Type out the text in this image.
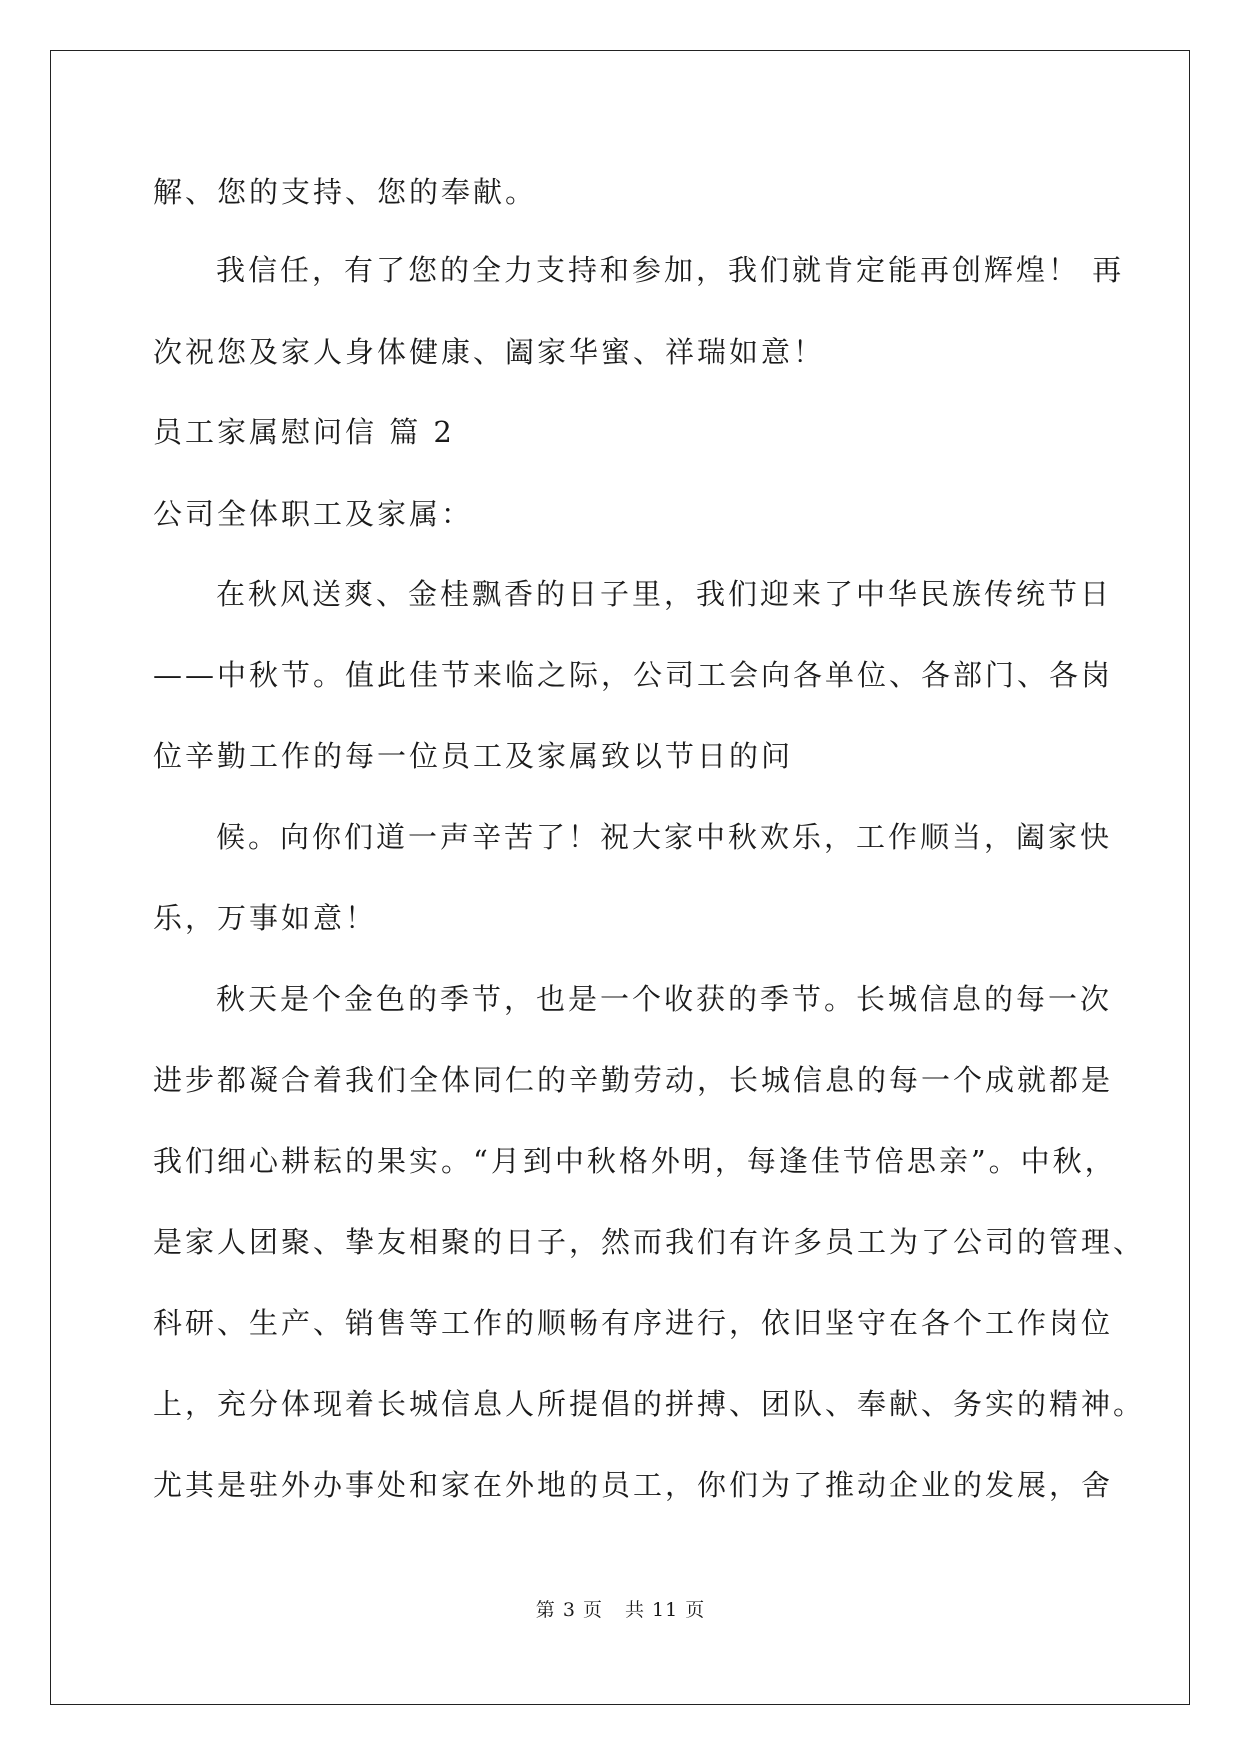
解、您的支持、您的奉献。
我信任，有了您的全力支持和参加，我们就肯定能再创辉煌！ 再
次祝您及家人身体健康、阖家华蜜、祥瑞如意！
员工家属慰问信 篇 2
公司全体职工及家属：
在秋风送爽、金桂飘香的日子里，我们迎来了中华民族传统节日
——中秋节。值此佳节来临之际，公司工会向各单位、各部门、各岗
位辛勤工作的每一位员工及家属致以节日的问
候。向你们道一声辛苦了！祝大家中秋欢乐，工作顺当，阖家快
乐，万事如意！
秋天是个金色的季节，也是一个收获的季节。长城信息的每一次
进步都凝合着我们全体同仁的辛勤劳动，长城信息的每一个成就都是
我们细心耕耘的果实。“月到中秋格外明，每逢佳节倍思亲”。中秋，
是家人团聚、挚友相聚的日子，然而我们有许多员工为了公司的管理、
科研、生产、销售等工作的顺畅有序进行，依旧坚守在各个工作岗位
上，充分体现着长城信息人所提倡的拼搏、团队、奉献、务实的精神。
尤其是驻外办事处和家在外地的员工，你们为了推动企业的发展，舍
第 3 页 共 11 页
